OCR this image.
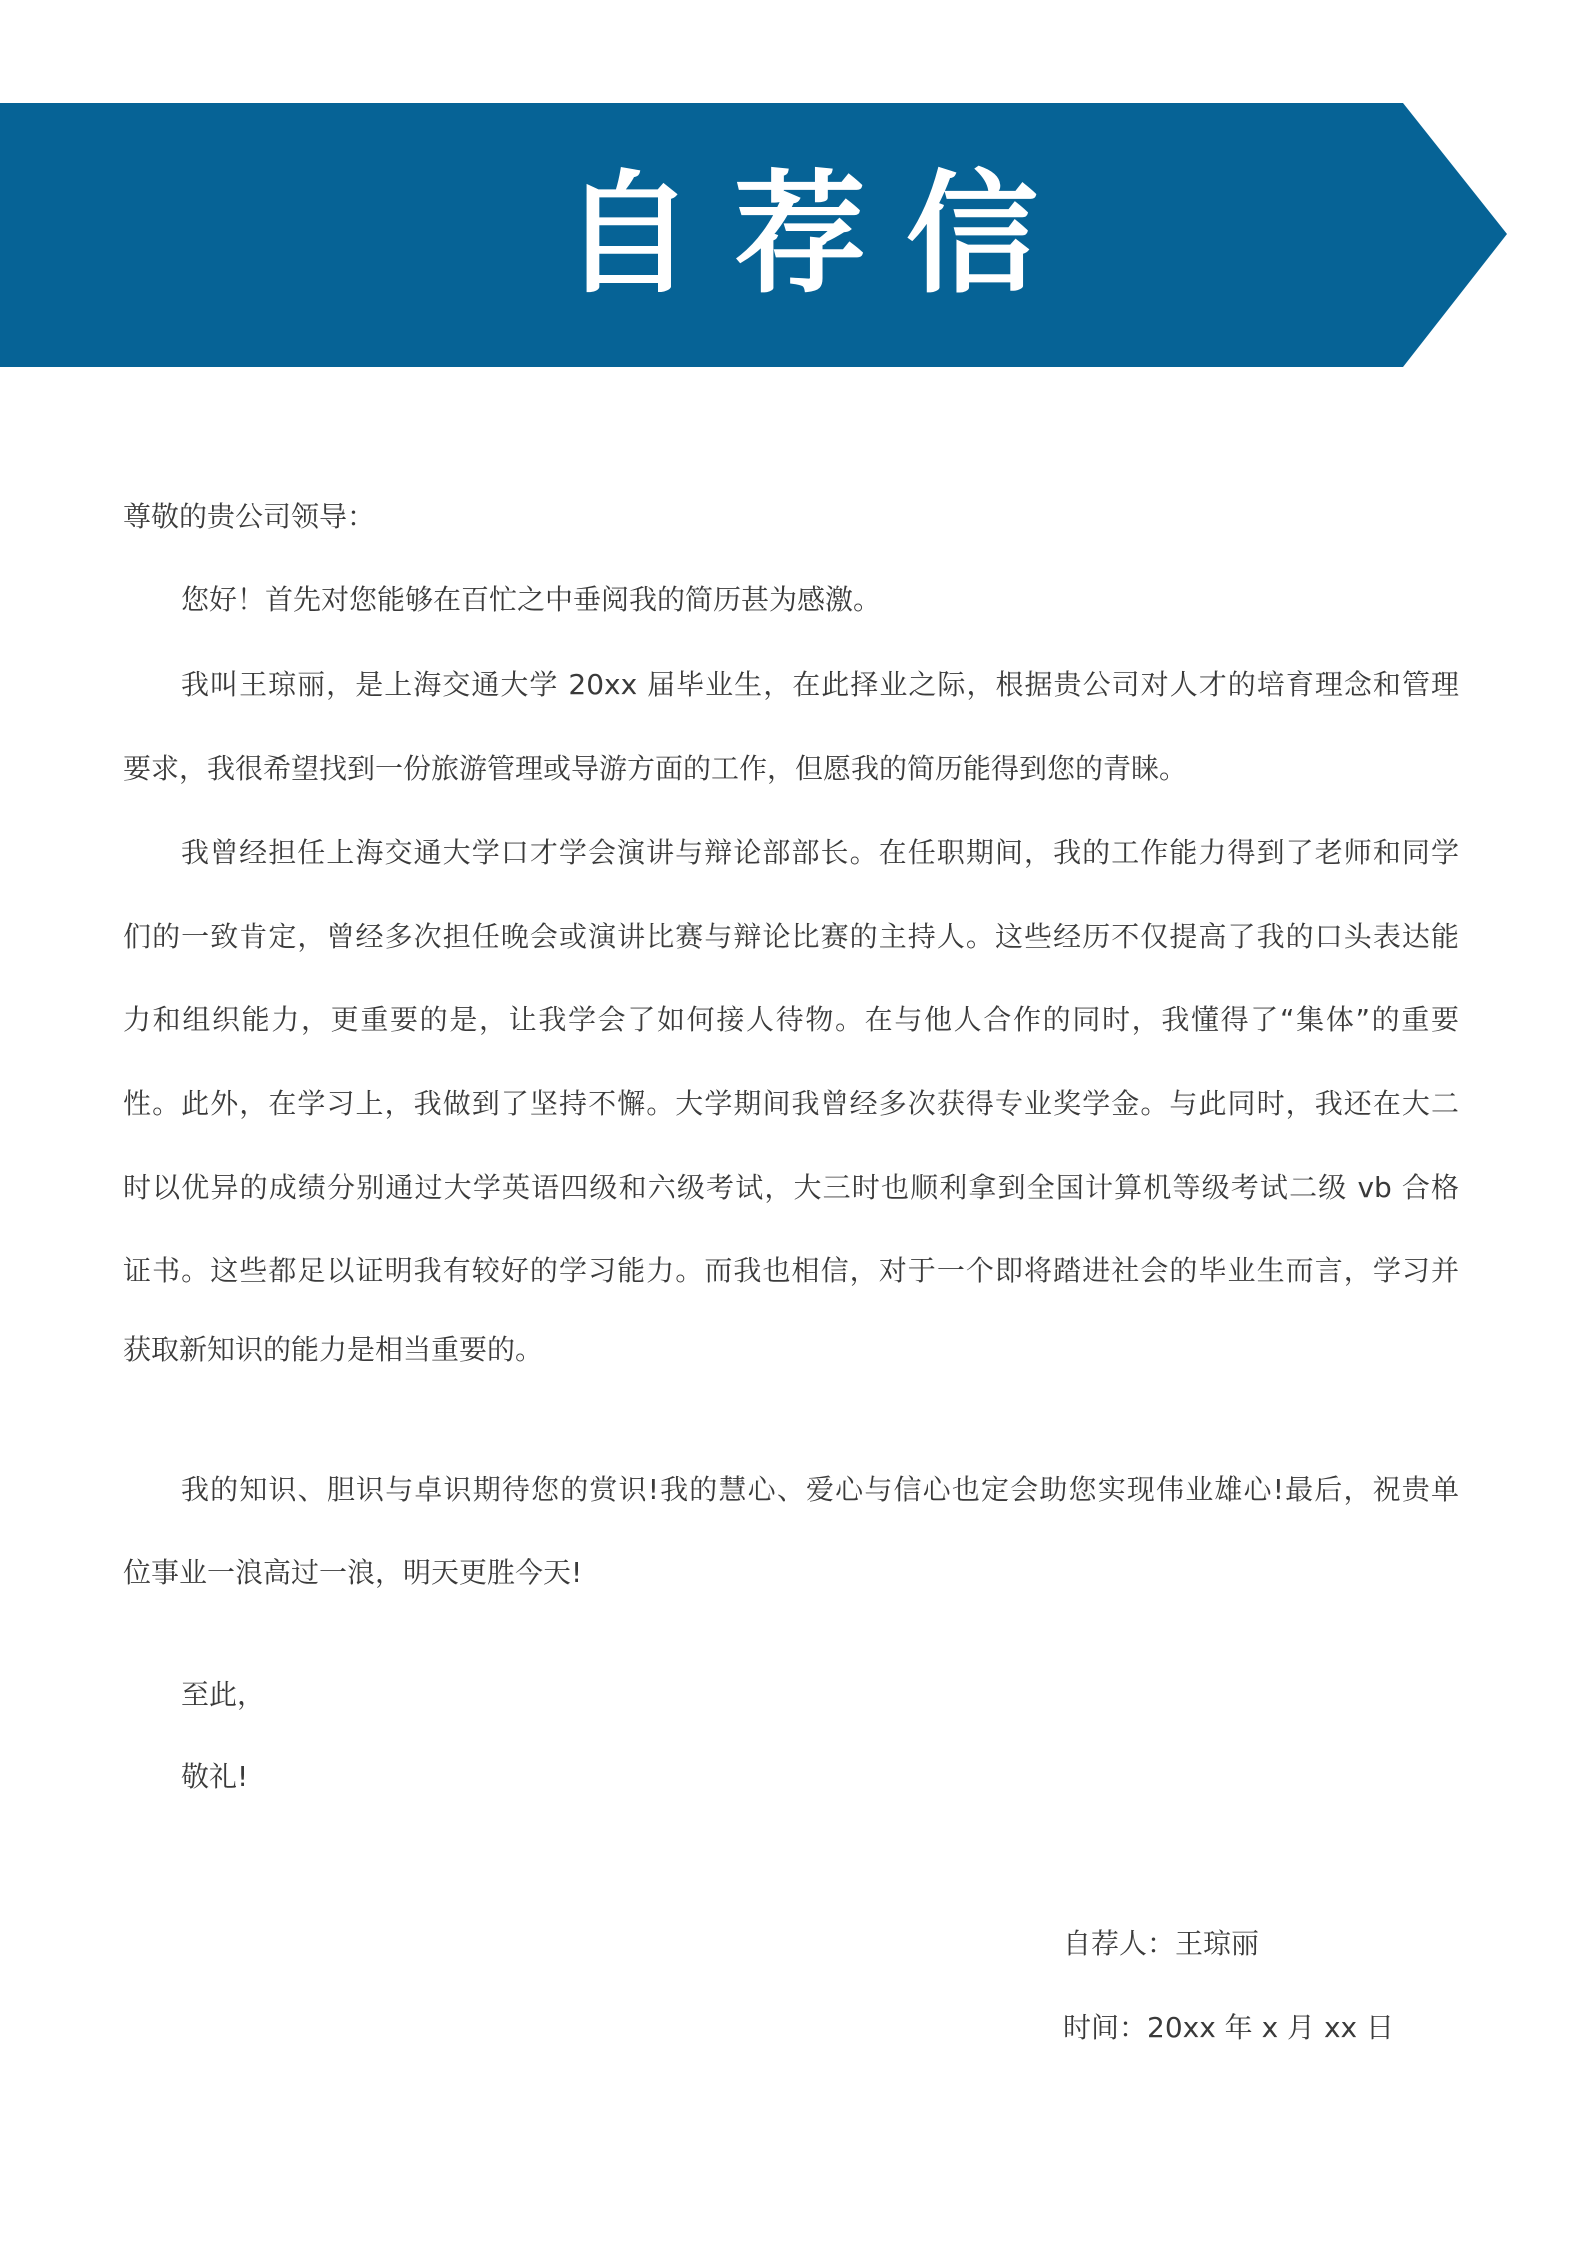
自荐信
尊敬的贵公司领导：
您好！首先对您能够在百忙之中垂阅我的简历甚为感激。
我叫王琼丽，是上海交通大学 20xx 届毕业生，在此择业之际，根据贵公司对人才的培育理念和管理
要求，我很希望找到一份旅游管理或导游方面的工作，但愿我的简历能得到您的青睐。
我曾经担任上海交通大学口才学会演讲与辩论部部长。在任职期间，我的工作能力得到了老师和同学
们的一致肯定，曾经多次担任晚会或演讲比赛与辩论比赛的主持人。这些经历不仅提高了我的口头表达能
力和组织能力，更重要的是，让我学会了如何接人待物。在与他人合作的同时，我懂得了“集体”的重要
性。此外，在学习上，我做到了坚持不懈。大学期间我曾经多次获得专业奖学金。与此同时，我还在大二
时以优异的成绩分别通过大学英语四级和六级考试，大三时也顺利拿到全国计算机等级考试二级 vb 合格
证书。这些都足以证明我有较好的学习能力。而我也相信，对于一个即将踏进社会的毕业生而言，学习并
获取新知识的能力是相当重要的。
我的知识、胆识与卓识期待您的赏识!我的慧心、爱心与信心也定会助您实现伟业雄心!最后，祝贵单
位事业一浪高过一浪，明天更胜今天!
至此，
敬礼!
自荐人：王琼丽
时间：20xx 年 x 月 xx 日
